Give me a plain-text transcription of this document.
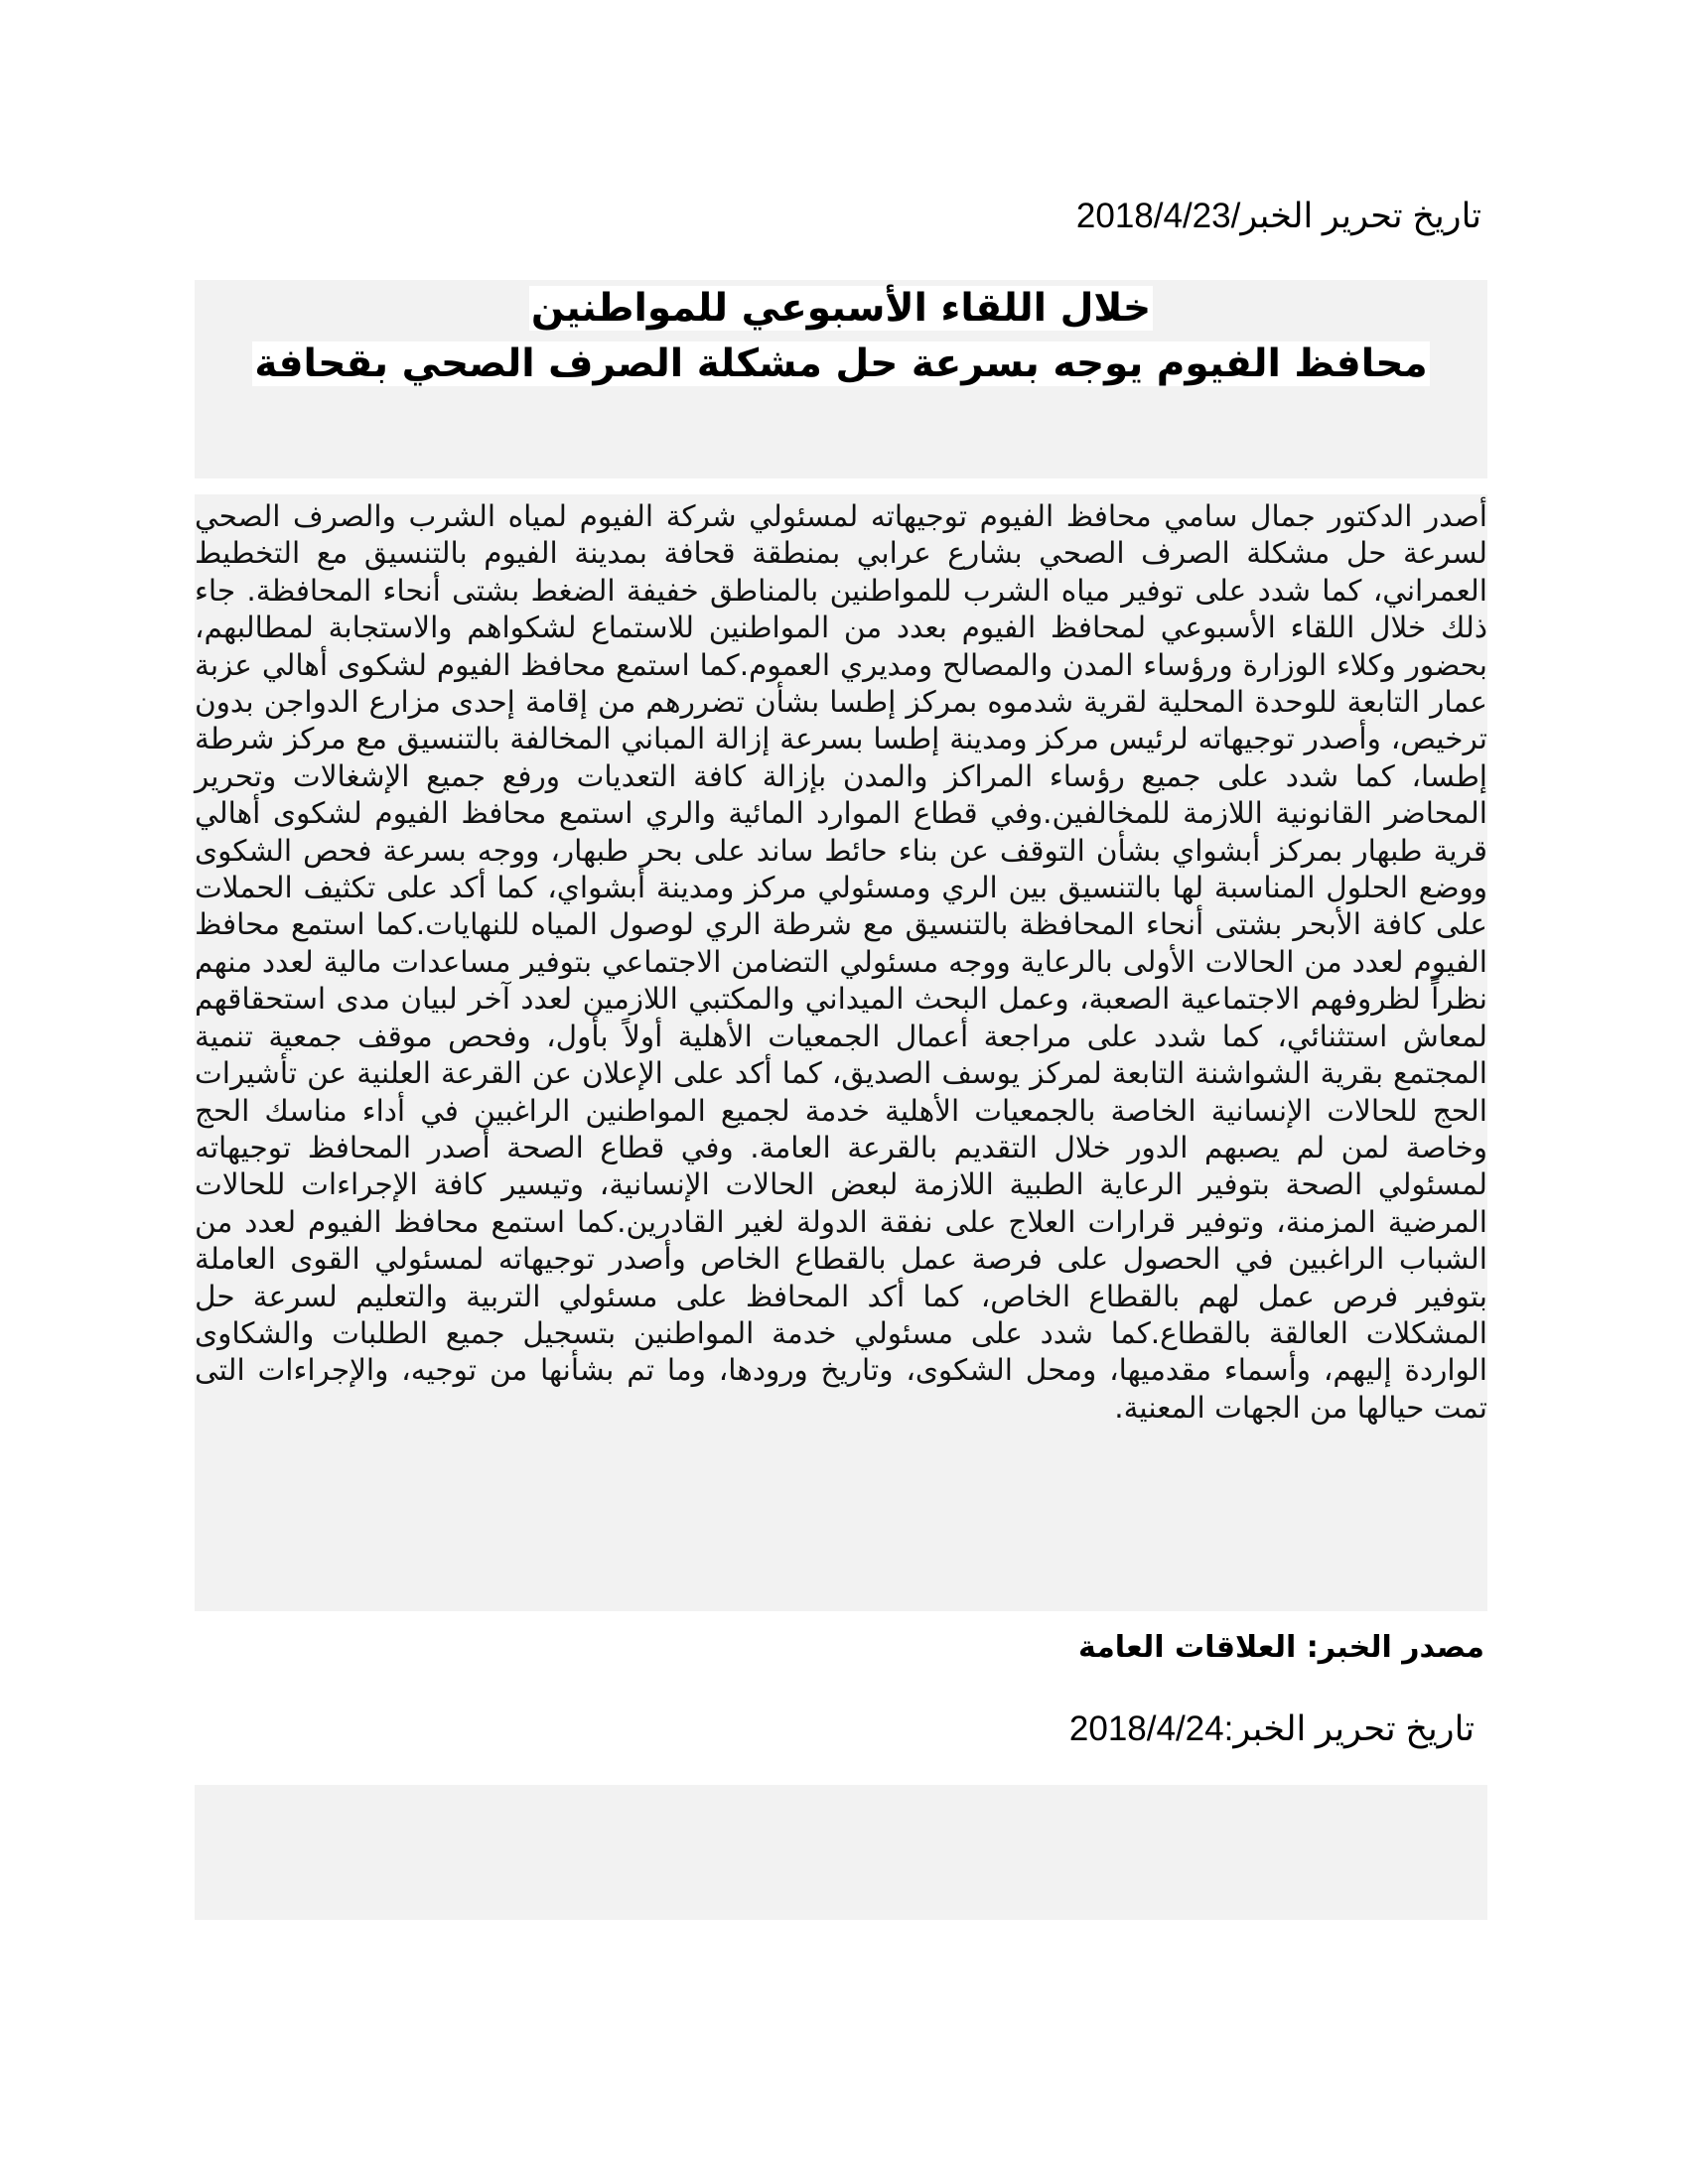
تاريخ تحرير الخبر/2018/4/23
خلال اللقاء الأسبوعي للمواطنين
محافظ الفيوم يوجه بسرعة حل مشكلة الصرف الصحي بقحافة

أصدر الدكتور جمال سامي محافظ الفيوم توجيهاته لمسئولي شركة الفيوم لمياه الشرب والصرف الصحي لسرعة حل مشكلة الصرف الصحي بشارع عرابي بمنطقة قحافة بمدينة الفيوم بالتنسيق مع التخطيط العمراني، كما شدد على توفير مياه الشرب للمواطنين بالمناطق خفيفة الضغط بشتى أنحاء المحافظة. جاء ذلك خلال اللقاء الأسبوعي لمحافظ الفيوم بعدد من المواطنين للاستماع لشكواهم والاستجابة لمطالبهم، بحضور وكلاء الوزارة ورؤساء المدن والمصالح ومديري العموم.كما استمع محافظ الفيوم لشكوى أهالي عزبة عمار التابعة للوحدة المحلية لقرية شدموه بمركز إطسا بشأن تضررهم من إقامة إحدى مزارع الدواجن بدون ترخيص، وأصدر توجيهاته لرئيس مركز ومدينة إطسا بسرعة إزالة المباني المخالفة بالتنسيق مع مركز شرطة إطسا، كما شدد على جميع رؤساء المراكز والمدن بإزالة كافة التعديات ورفع جميع الإشغالات وتحرير المحاضر القانونية اللازمة للمخالفين.وفي قطاع الموارد المائية والري استمع محافظ الفيوم لشكوى أهالي قرية طبهار بمركز أبشواي بشأن التوقف عن بناء حائط ساند على بحر طبهار، ووجه بسرعة فحص الشكوى ووضع الحلول المناسبة لها بالتنسيق بين الري ومسئولي مركز ومدينة أبشواي، كما أكد على تكثيف الحملات على كافة الأبحر بشتى أنحاء المحافظة بالتنسيق مع شرطة الري لوصول المياه للنهايات.كما استمع محافظ الفيوم لعدد من الحالات الأولى بالرعاية ووجه مسئولي التضامن الاجتماعي بتوفير مساعدات مالية لعدد منهم نظراً لظروفهم الاجتماعية الصعبة، وعمل البحث الميداني والمكتبي اللازمين لعدد آخر لبيان مدى استحقاقهم لمعاش استثنائي، كما شدد على مراجعة أعمال الجمعيات الأهلية أولاً بأول، وفحص موقف جمعية تنمية المجتمع بقرية الشواشنة التابعة لمركز يوسف الصديق، كما أكد على الإعلان عن القرعة العلنية عن تأشيرات الحج للحالات الإنسانية الخاصة بالجمعيات الأهلية خدمة لجميع المواطنين الراغبين في أداء مناسك الحج وخاصة لمن لم يصبهم الدور خلال التقديم بالقرعة العامة. وفي قطاع الصحة أصدر المحافظ توجيهاته لمسئولي الصحة بتوفير الرعاية الطبية اللازمة لبعض الحالات الإنسانية، وتيسير كافة الإجراءات للحالات المرضية المزمنة، وتوفير قرارات العلاج على نفقة الدولة لغير القادرين.كما استمع محافظ الفيوم لعدد من الشباب الراغبين في الحصول على فرصة عمل بالقطاع الخاص وأصدر توجيهاته لمسئولي القوى العاملة بتوفير فرص عمل لهم بالقطاع الخاص، كما أكد المحافظ على مسئولي التربية والتعليم لسرعة حل المشكلات العالقة بالقطاع.كما شدد على مسئولي خدمة المواطنين بتسجيل جميع الطلبات والشكاوى الواردة إليهم، وأسماء مقدميها، ومحل الشكوى، وتاريخ ورودها، وما تم بشأنها من توجيه، والإجراءات التى تمت حيالها من الجهات المعنية.

مصدر الخبر: العلاقات العامة
تاريخ تحرير الخبر:2018/4/24
